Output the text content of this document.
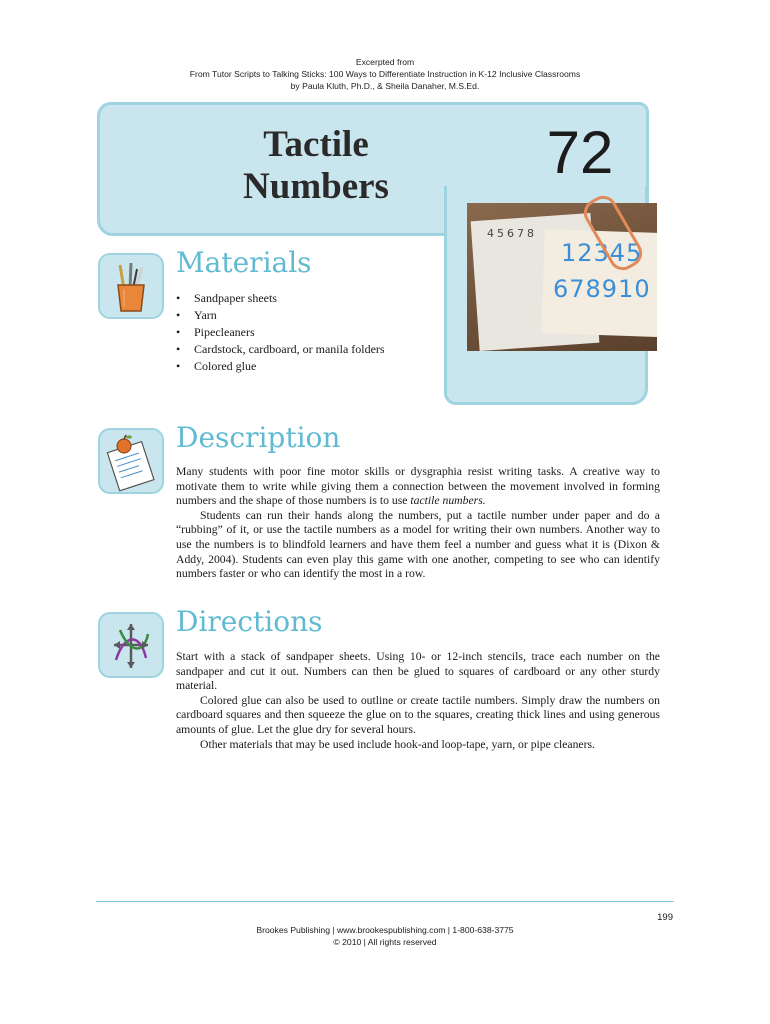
Excerpted from
From Tutor Scripts to Talking Sticks: 100 Ways to Differentiate Instruction in K-12 Inclusive Classrooms
by Paula Kluth, Ph.D., & Sheila Danaher, M.S.Ed.
Tactile
Numbers
72
45678
12345
678910
Materials
• Sandpaper sheets
• Yarn
• Pipecleaners
• Cardstock, cardboard, or manila folders
• Colored glue
Description

Many students with poor fine motor skills or dysgraphia resist writing tasks. A creative way to motivate them to write while giving them a connection between the movement involved in forming numbers and the shape of those numbers is to use tactile numbers.

Students can run their hands along the numbers, put a tactile number under paper and do a “rubbing” of it, or use the tactile numbers as a model for writing their own numbers. Another way to use the numbers is to blindfold learners and have them feel a number and guess what it is (Dixon & Addy, 2004). Students can even play this game with one another, competing to see who can identify numbers faster or who can identify the most in a row.

Directions

Start with a stack of sandpaper sheets. Using 10- or 12-inch stencils, trace each number on the sandpaper and cut it out. Numbers can then be glued to squares of cardboard or any other sturdy material.

Colored glue can also be used to outline or create tactile numbers. Simply draw the numbers on cardboard squares and then squeeze the glue on to the squares, creating thick lines and using generous amounts of glue. Let the glue dry for several hours.

Other materials that may be used include hook-and loop-tape, yarn, or pipe cleaners.

199
Brookes Publishing | www.brookespublishing.com | 1-800-638-3775
© 2010 | All rights reserved
